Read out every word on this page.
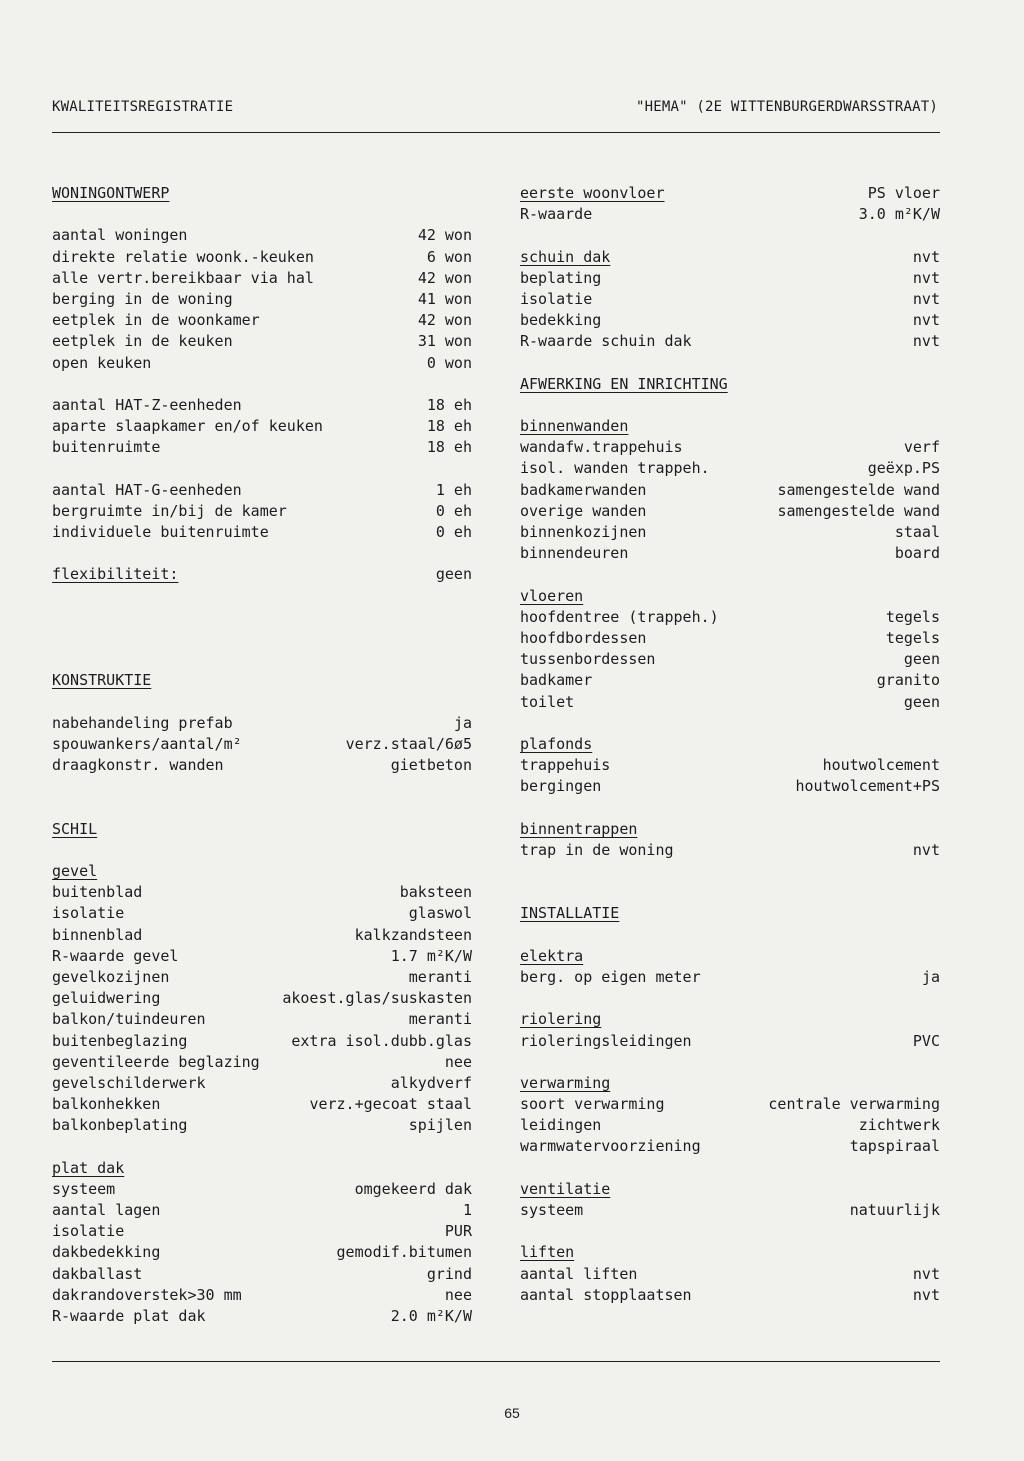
KWALITEITSREGISTRATIE	"HEMA" (2E WITTENBURGERDWARSSTRAAT)
WONINGONTWERP
aantal woningen	42 won
direkte relatie woonk.-keuken	6 won
alle vertr.bereikbaar via hal	42 won
berging in de woning	41 won
eetplek in de woonkamer	42 won
eetplek in de keuken	31 won
open keuken	0 won
aantal HAT-Z-eenheden	18 eh
aparte slaapkamer en/of keuken	18 eh
buitenruimte	18 eh
aantal HAT-G-eenheden	1 eh
bergruimte in/bij de kamer	0 eh
individuele buitenruimte	0 eh
flexibiliteit:	geen
KONSTRUKTIE
nabehandeling prefab	ja
spouwankers/aantal/m²	verz.staal/6ø5
draagkonstr. wanden	gietbeton
SCHIL
gevel
buitenblad	baksteen
isolatie	glaswol
binnenblad	kalkzandsteen
R-waarde gevel	1.7 m²K/W
gevelkozijnen	meranti
geluidwering	akoest.glas/suskasten
balkon/tuindeuren	meranti
buitenbeglazing	extra isol.dubb.glas
geventileerde beglazing	nee
gevelschilderwerk	alkydverf
balkonhekken	verz.+gecoat staal
balkonbeplating	spijlen
plat dak
systeem	omgekeerd dak
aantal lagen	1
isolatie	PUR
dakbedekking	gemodif.bitumen
dakballast	grind
dakrandoverstek>30 mm	nee
R-waarde plat dak	2.0 m²K/W
eerste woonvloer	PS vloer
R-waarde	3.0 m²K/W
schuin dak	nvt
beplating	nvt
isolatie	nvt
bedekking	nvt
R-waarde schuin dak	nvt
AFWERKING EN INRICHTING
binnenwanden
wandafw.trappehuis	verf
isol. wanden trappeh.	geëxp.PS
badkamerwanden	samengestelde wand
overige wanden	samengestelde wand
binnenkozijnen	staal
binnendeuren	board
vloeren
hoofdentree (trappeh.)	tegels
hoofdbordessen	tegels
tussenbordessen	geen
badkamer	granito
toilet	geen
plafonds
trappehuis	houtwolcement
bergingen	houtwolcement+PS
binnentrappen
trap in de woning	nvt
INSTALLATIE
elektra
berg. op eigen meter	ja
riolering
rioleringsleidingen	PVC
verwarming
soort verwarming	centrale verwarming
leidingen	zichtwerk
warmwatervoorziening	tapspiraal
ventilatie
systeem	natuurlijk
liften
aantal liften	nvt
aantal stopplaatsen	nvt
65
